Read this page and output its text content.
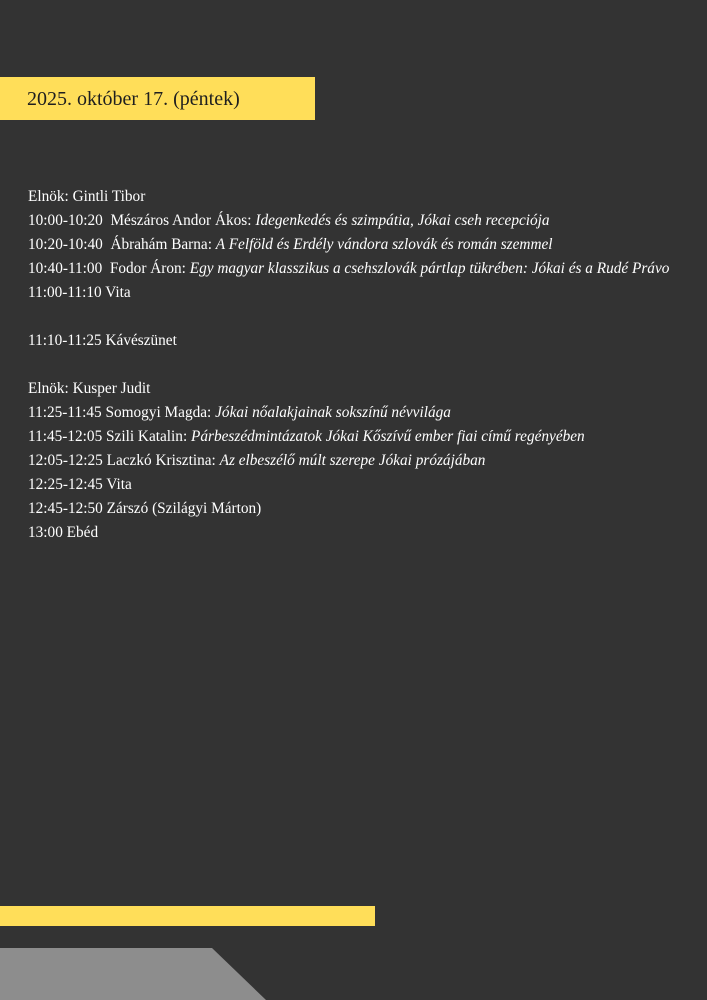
2025. október 17. (péntek)

Elnök: Gintli Tibor

10:00-10:20 Mészáros Andor Ákos: Idegenkedés és szimpátia, Jókai cseh recepciója

10:20-10:40 Ábrahám Barna: A Felföld és Erdély vándora szlovák és román szemmel

10:40-11:00 Fodor Áron: Egy magyar klasszikus a csehszlovák pártlap tükrében: Jókai és a Rudé Právo

11:00-11:10 Vita

11:10-11:25 Kávészünet

Elnök: Kusper Judit

11:25-11:45 Somogyi Magda: Jókai nőalakjainak sokszínű névvilága

11:45-12:05 Szili Katalin: Párbeszédmintázatok Jókai Kőszívű ember fiai című regényében

12:05-12:25 Laczkó Krisztina: Az elbeszélő múlt szerepe Jókai prózájában

12:25-12:45 Vita

12:45-12:50 Zárszó (Szilágyi Márton)

13:00 Ebéd
